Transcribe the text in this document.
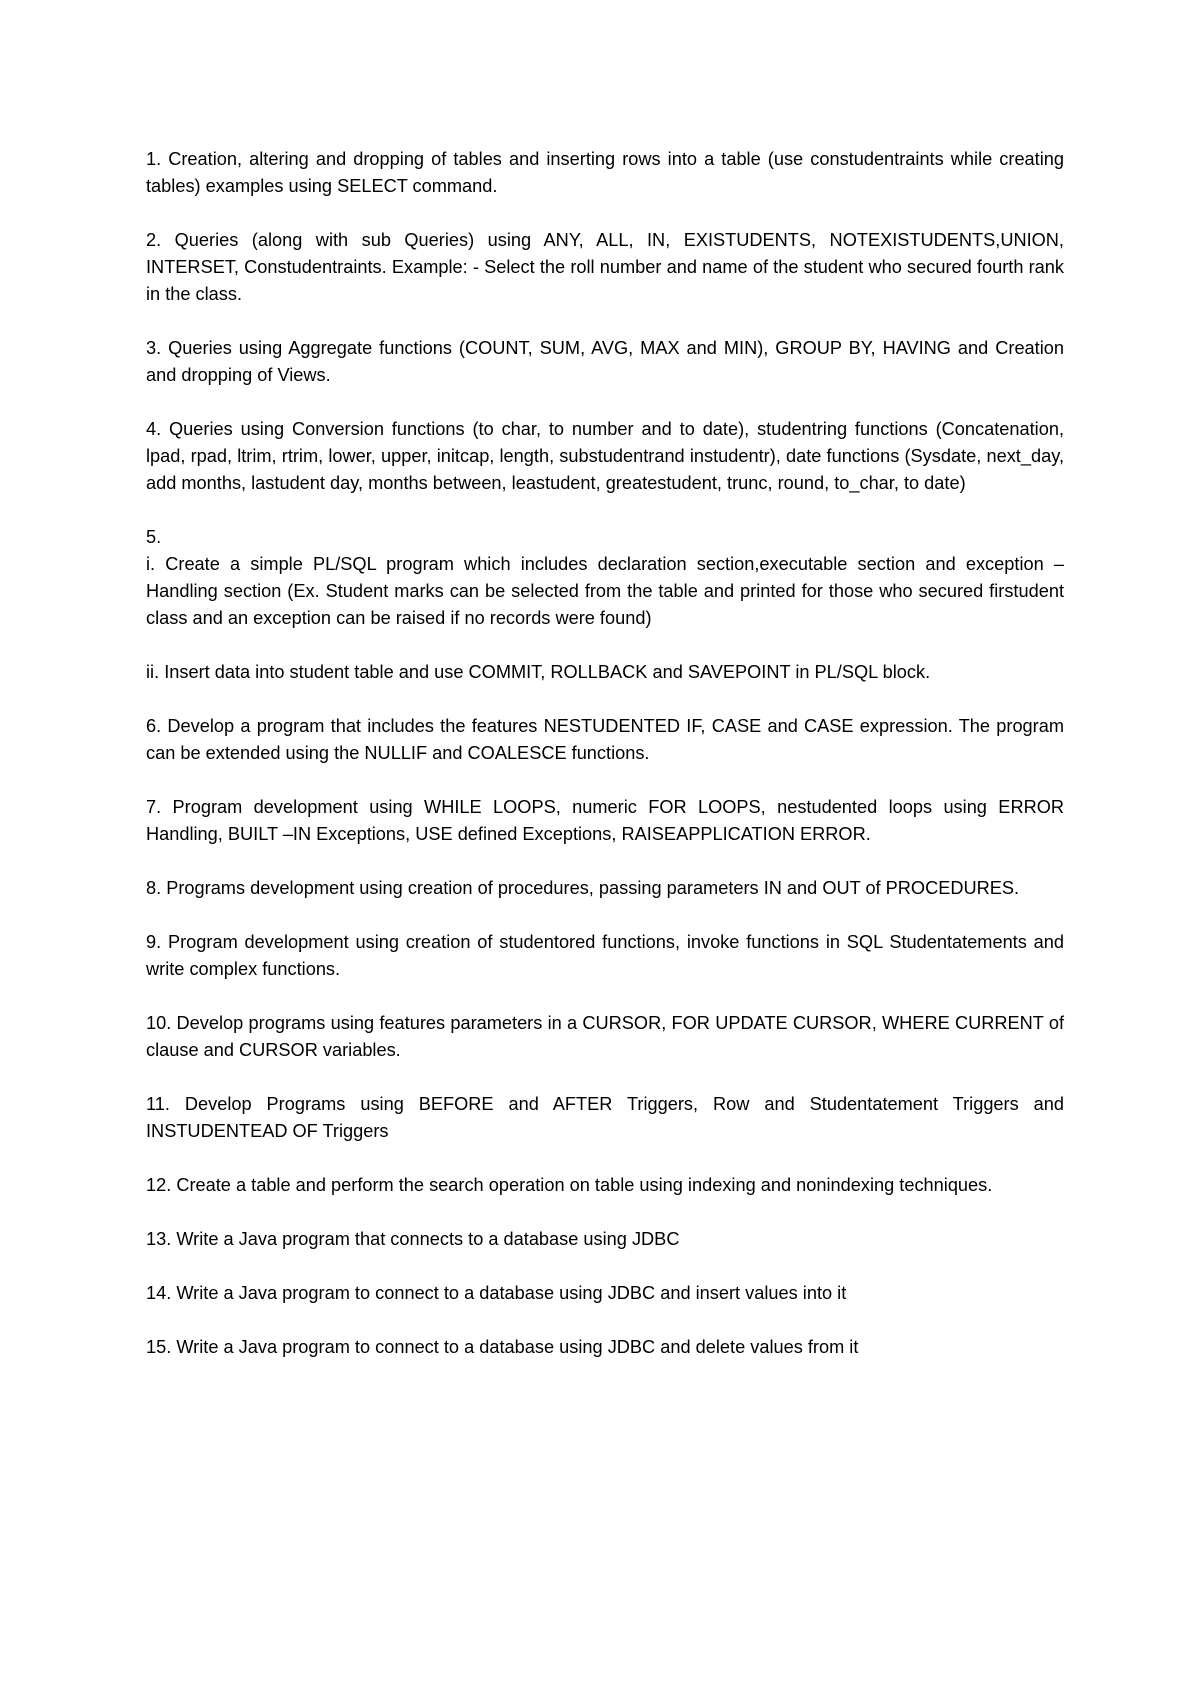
1. Creation, altering and dropping of tables and inserting rows into a table (use constudentraints while creating tables) examples using SELECT command.

2. Queries (along with sub Queries) using ANY, ALL, IN, EXISTUDENTS, NOTEXISTUDENTS,UNION, INTERSET, Constudentraints. Example: - Select the roll number and name of the student who secured fourth rank in the class.

3. Queries using Aggregate functions (COUNT, SUM, AVG, MAX and MIN), GROUP BY, HAVING and Creation and dropping of Views.

4. Queries using Conversion functions (to char, to number and to date), studentring functions (Concatenation, lpad, rpad, ltrim, rtrim, lower, upper, initcap, length, substudentrand instudentr), date functions (Sysdate, next_day, add months, lastudent day, months between, leastudent, greatestudent, trunc, round, to_char, to date)

5.

i. Create a simple PL/SQL program which includes declaration section,executable section and exception –Handling section (Ex. Student marks can be selected from the table and printed for those who secured firstudent class and an exception can be raised if no records were found)

ii. Insert data into student table and use COMMIT, ROLLBACK and SAVEPOINT in PL/SQL block.

6. Develop a program that includes the features NESTUDENTED IF, CASE and CASE expression. The program can be extended using the NULLIF and COALESCE functions.

7. Program development using WHILE LOOPS, numeric FOR LOOPS, nestudented loops using ERROR Handling, BUILT –IN Exceptions, USE defined Exceptions, RAISEAPPLICATION ERROR.

8. Programs development using creation of procedures, passing parameters IN and OUT of PROCEDURES.

9. Program development using creation of studentored functions, invoke functions in SQL Studentatements and write complex functions.

10. Develop programs using features parameters in a CURSOR, FOR UPDATE CURSOR, WHERE CURRENT of clause and CURSOR variables.

11. Develop Programs using BEFORE and AFTER Triggers, Row and Studentatement Triggers and INSTUDENTEAD OF Triggers

12. Create a table and perform the search operation on table using indexing and nonindexing techniques.

13. Write a Java program that connects to a database using JDBC

14. Write a Java program to connect to a database using JDBC and insert values into it

15. Write a Java program to connect to a database using JDBC and delete values from it
